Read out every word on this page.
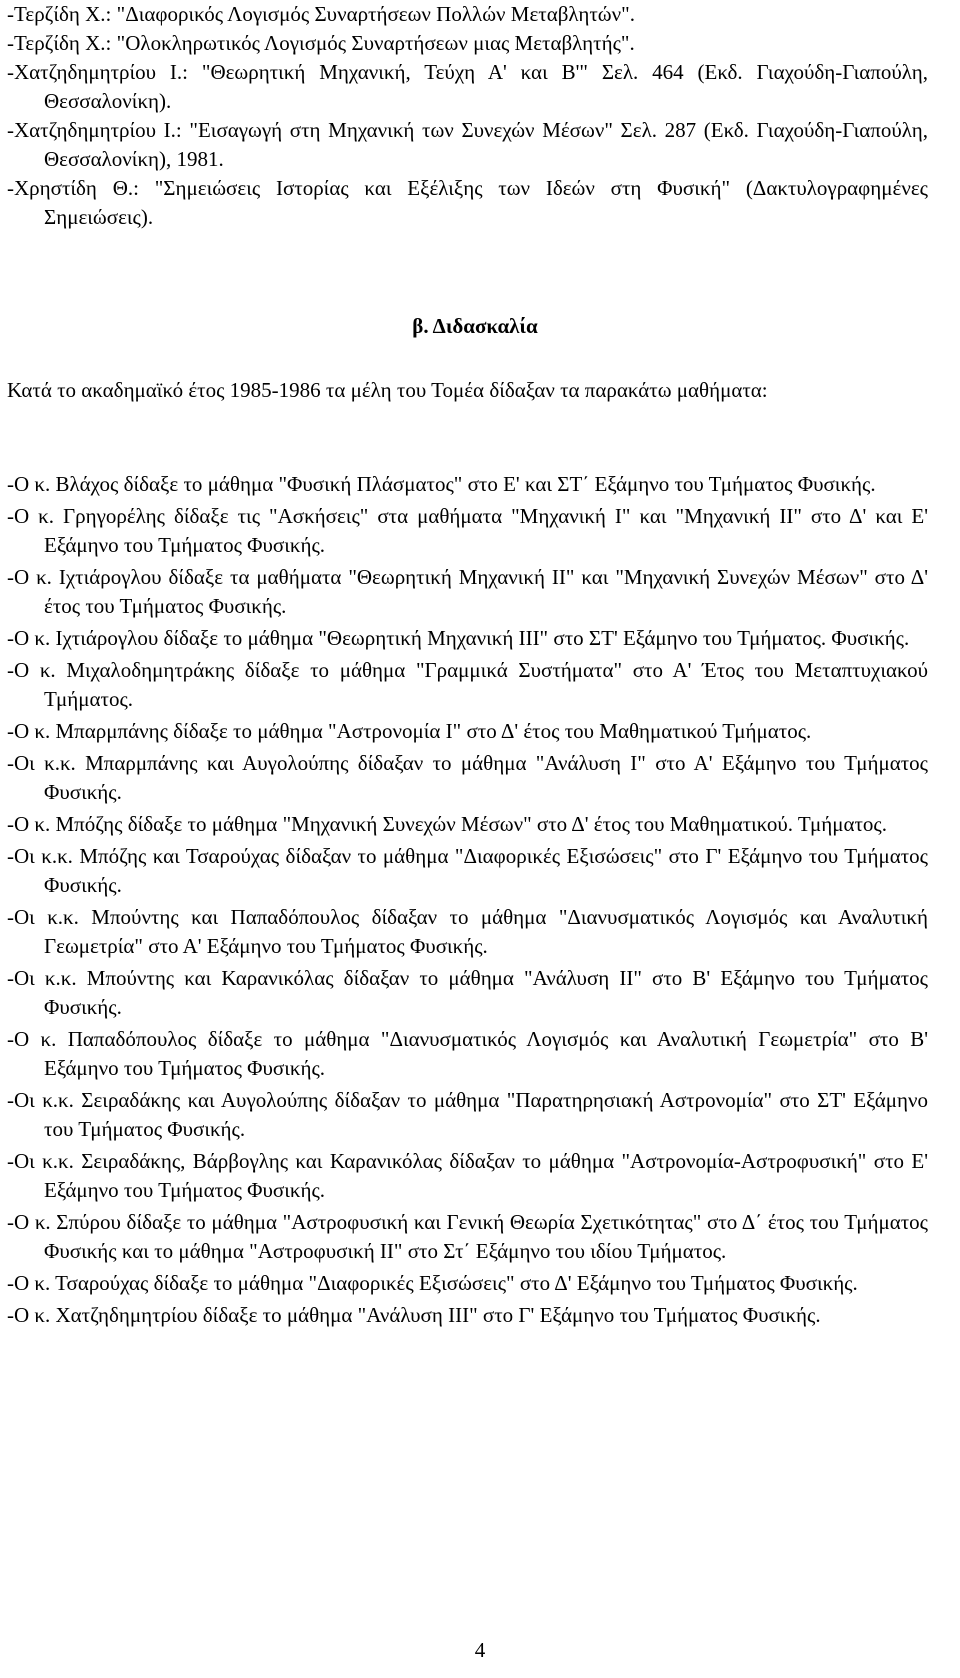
-Τερζίδη Χ.: "Διαφορικός Λογισμός Συναρτήσεων Πολλών Μεταβλητών".
-Τερζίδη Χ.: "Ολοκληρωτικός Λογισμός Συναρτήσεων μιας Μεταβλητής".
-Χατζηδημητρίου Ι.: "Θεωρητική Μηχανική, Τεύχη Α' και Β'" Σελ. 464 (Εκδ. Γιαχούδη-Γιαπούλη, Θεσσαλονίκη).
-Χατζηδημητρίου Ι.: "Εισαγωγή στη Μηχανική των Συνεχών Μέσων" Σελ. 287 (Εκδ. Γιαχούδη-Γιαπούλη, Θεσσαλονίκη), 1981.
-Χρηστίδη Θ.: "Σημειώσεις Ιστορίας και Εξέλιξης των Ιδεών στη Φυσική" (Δακτυλογραφημένες Σημειώσεις).
β. Διδασκαλία

Κατά το ακαδημαϊκό έτος 1985-1986 τα μέλη του Τομέα δίδαξαν τα παρακάτω μαθήματα:

-Ο κ. Βλάχος δίδαξε το μάθημα "Φυσική Πλάσματος" στο Ε' και ΣΤ΄ Εξάμηνο του Τμήματος Φυσικής.
-Ο κ. Γρηγορέλης δίδαξε τις "Ασκήσεις" στα μαθήματα "Μηχανική Ι" και "Μηχανική ΙΙ" στο Δ' και Ε' Εξάμηνο του Τμήματος Φυσικής.
-Ο κ. Ιχτιάρογλου δίδαξε τα μαθήματα "Θεωρητική Μηχανική ΙΙ" και "Μηχανική Συνεχών Μέσων" στο Δ' έτος του Τμήματος Φυσικής.
-Ο κ. Ιχτιάρογλου δίδαξε το μάθημα "Θεωρητική Μηχανική ΙΙΙ" στο ΣΤ' Εξάμηνο του Τμήματος. Φυσικής.
-Ο κ. Μιχαλοδημητράκης δίδαξε το μάθημα "Γραμμικά Συστήματα" στο Α' Έτος του Μεταπτυχιακού Τμήματος.
-Ο κ. Μπαρμπάνης δίδαξε το μάθημα "Αστρονομία Ι" στο Δ' έτος του Μαθηματικού Τμήματος.
-Οι κ.κ. Μπαρμπάνης και Αυγολούπης δίδαξαν το μάθημα "Ανάλυση Ι" στο Α' Εξάμηνο του Τμήματος Φυσικής.
-Ο κ. Μπόζης δίδαξε το μάθημα "Μηχανική Συνεχών Μέσων" στο Δ' έτος του Μαθηματικού. Τμήματος.
-Οι κ.κ. Μπόζης και Τσαρούχας δίδαξαν το μάθημα "Διαφορικές Εξισώσεις" στο Γ' Εξάμηνο του Τμήματος Φυσικής.
-Οι κ.κ. Μπούντης και Παπαδόπουλος δίδαξαν το μάθημα "Διανυσματικός Λογισμός και Αναλυτική Γεωμετρία" στο Α' Εξάμηνο του Τμήματος Φυσικής.
-Οι κ.κ. Μπούντης και Καρανικόλας δίδαξαν το μάθημα "Ανάλυση ΙΙ" στο Β' Εξάμηνο του Τμήματος Φυσικής.
-Ο κ. Παπαδόπουλος δίδαξε το μάθημα "Διανυσματικός Λογισμός και Αναλυτική Γεωμετρία" στο Β' Εξάμηνο του Τμήματος Φυσικής.
-Οι κ.κ. Σειραδάκης και Αυγολούπης δίδαξαν το μάθημα "Παρατηρησιακή Αστρονομία" στο ΣΤ' Εξάμηνο του Τμήματος Φυσικής.
-Οι κ.κ. Σειραδάκης, Βάρβογλης και Καρανικόλας δίδαξαν το μάθημα "Αστρονομία-Αστροφυσική" στο Ε' Εξάμηνο του Τμήματος Φυσικής.
-Ο κ. Σπύρου δίδαξε το μάθημα "Αστροφυσική και Γενική Θεωρία Σχετικότητας" στο Δ΄ έτος του Τμήματος Φυσικής και το μάθημα "Αστροφυσική ΙΙ" στο Στ΄ Εξάμηνο του ιδίου Τμήματος.
-Ο κ. Τσαρούχας δίδαξε το μάθημα "Διαφορικές Εξισώσεις" στο Δ' Εξάμηνο του Τμήματος Φυσικής.
-Ο κ. Χατζηδημητρίου δίδαξε το μάθημα "Ανάλυση ΙΙΙ" στο Γ' Εξάμηνο του Τμήματος Φυσικής.

4
